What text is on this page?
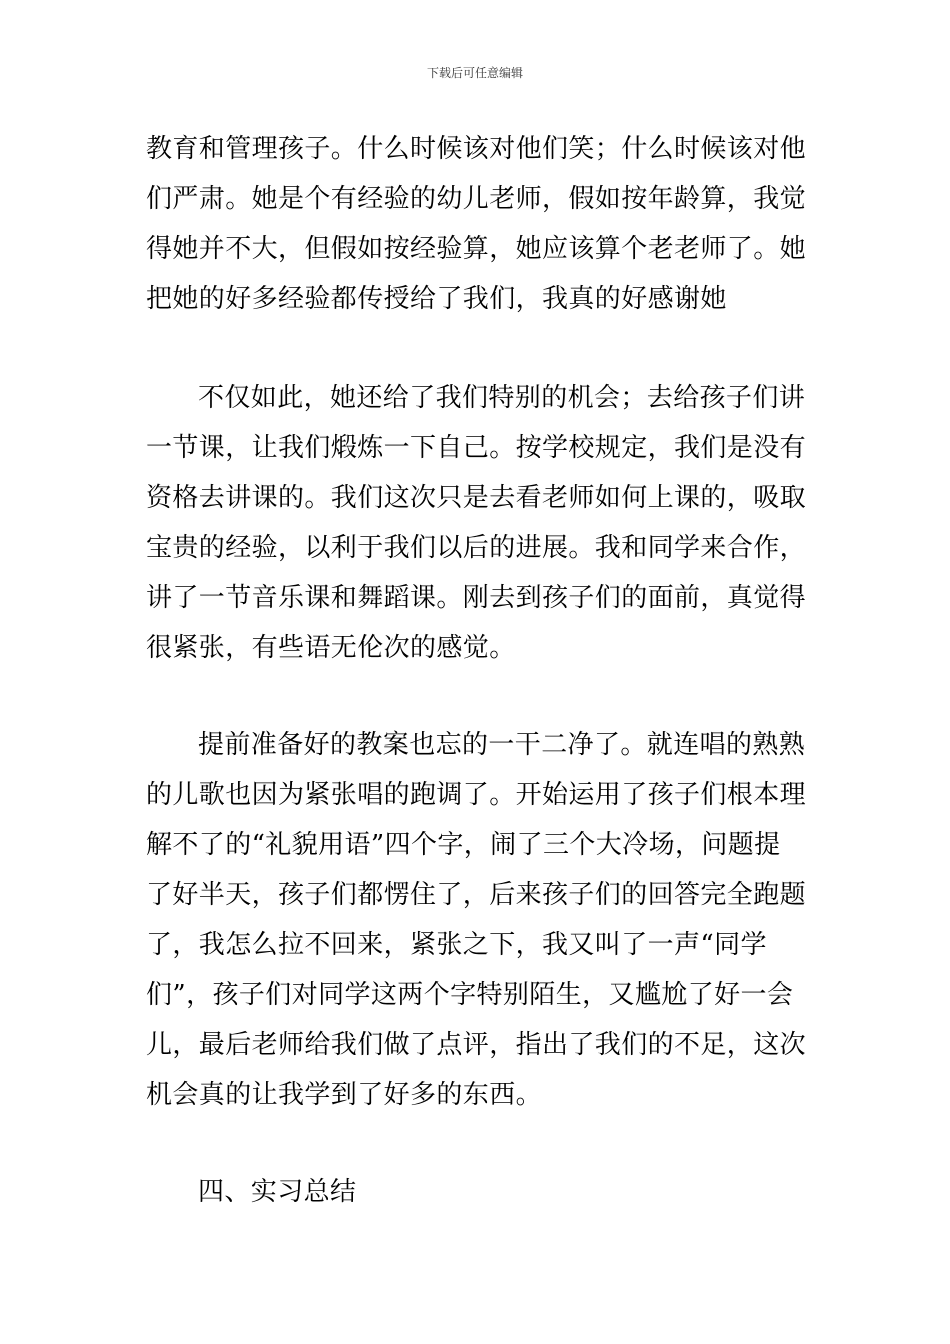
下载后可任意编辑
教育和管理孩子。什么时候该对他们笑；什么时候该对他
们严肃。她是个有经验的幼儿老师，假如按年龄算，我觉
得她并不大，但假如按经验算，她应该算个老老师了。她
把她的好多经验都传授给了我们，我真的好感谢她
不仅如此，她还给了我们特别的机会；去给孩子们讲
一节课，让我们煅炼一下自己。按学校规定，我们是没有
资格去讲课的。我们这次只是去看老师如何上课的，吸取
宝贵的经验，以利于我们以后的进展。我和同学来合作，
讲了一节音乐课和舞蹈课。刚去到孩子们的面前，真觉得
很紧张，有些语无伦次的感觉。
提前准备好的教案也忘的一干二净了。就连唱的熟熟
的儿歌也因为紧张唱的跑调了。开始运用了孩子们根本理
解不了的“礼貌用语”四个字，闹了三个大冷场，问题提
了好半天，孩子们都愣住了，后来孩子们的回答完全跑题
了，我怎么拉不回来，紧张之下，我又叫了一声“同学
们”，孩子们对同学这两个字特别陌生，又尴尬了好一会
儿，最后老师给我们做了点评，指出了我们的不足，这次
机会真的让我学到了好多的东西。
四、实习总结
